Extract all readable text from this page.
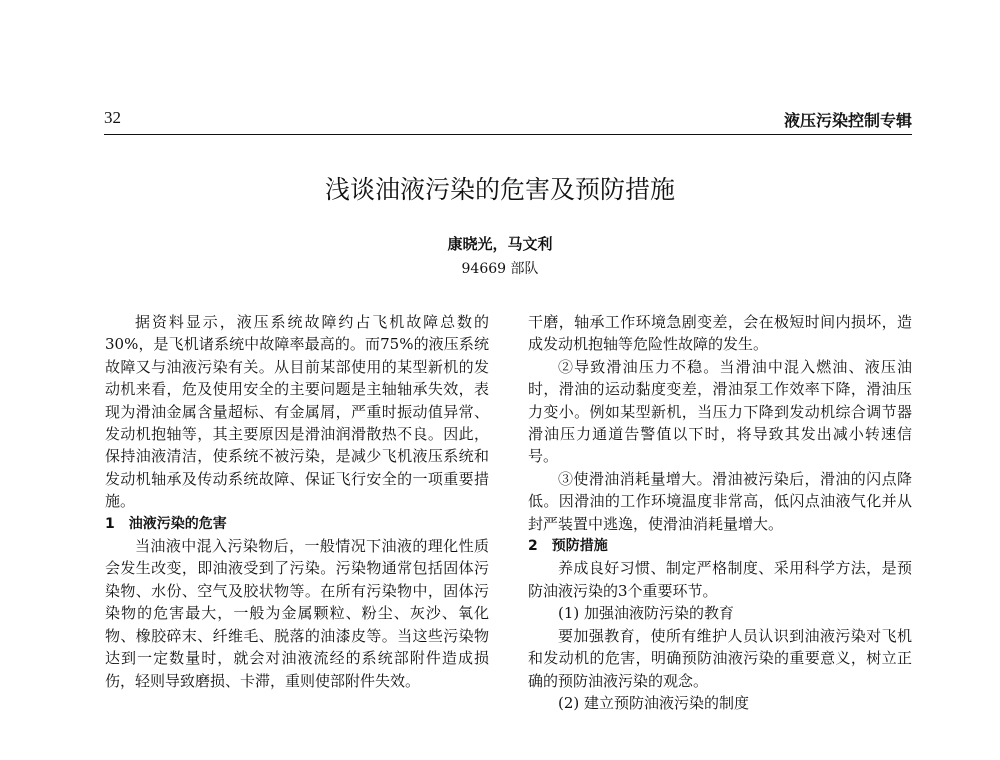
32	液压污染控制专辑
浅谈油液污染的危害及预防措施
康晓光，马文利
94669 部队

据资料显示，液压系统故障约占飞机故障总数的30%，是飞机诸系统中故障率最高的。而75%的液压系统故障又与油液污染有关。从目前某部使用的某型新机的发动机来看，危及使用安全的主要问题是主轴轴承失效，表现为滑油金属含量超标、有金属屑，严重时振动值异常、发动机抱轴等，其主要原因是滑油润滑散热不良。因此，保持油液清洁，使系统不被污染，是减少飞机液压系统和发动机轴承及传动系统故障、保证飞行安全的一项重要措施。

1　油液污染的危害

当油液中混入污染物后，一般情况下油液的理化性质会发生改变，即油液受到了污染。污染物通常包括固体污染物、水份、空气及胶状物等。在所有污染物中，固体污染物的危害最大，一般为金属颗粒、粉尘、灰沙、氧化物、橡胶碎末、纤维毛、脱落的油漆皮等。当这些污染物达到一定数量时，就会对油液流经的系统部附件造成损伤，轻则导致磨损、卡滞，重则使部附件失效。

干磨，轴承工作环境急剧变差，会在极短时间内损坏，造成发动机抱轴等危险性故障的发生。

②导致滑油压力不稳。当滑油中混入燃油、液压油时，滑油的运动黏度变差，滑油泵工作效率下降，滑油压力变小。例如某型新机，当压力下降到发动机综合调节器滑油压力通道告警值以下时，将导致其发出减小转速信号。

③使滑油消耗量增大。滑油被污染后，滑油的闪点降低。因滑油的工作环境温度非常高，低闪点油液气化并从封严装置中逃逸，使滑油消耗量增大。

2　预防措施

养成良好习惯、制定严格制度、采用科学方法，是预防油液污染的3个重要环节。

(1) 加强油液防污染的教育

要加强教育，使所有维护人员认识到油液污染对飞机和发动机的危害，明确预防油液污染的重要意义，树立正确的预防油液污染的观念。

(2) 建立预防油液污染的制度
